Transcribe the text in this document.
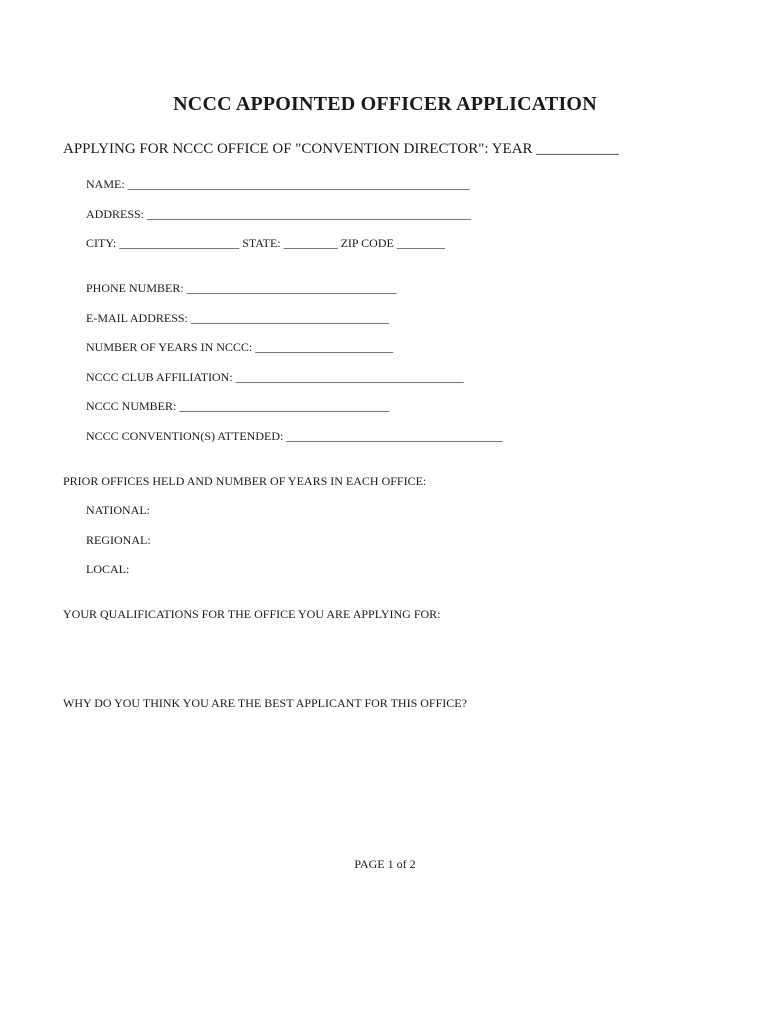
NCCC APPOINTED OFFICER APPLICATION
APPLYING FOR NCCC OFFICE OF "CONVENTION DIRECTOR": YEAR ___________
NAME: _________________________________________________________
ADDRESS: ______________________________________________________
CITY: ____________________ STATE: _________ ZIP CODE ________
PHONE NUMBER: ___________________________________
E-MAIL ADDRESS: _________________________________
NUMBER OF YEARS IN NCCC: _______________________
NCCC CLUB AFFILIATION: ______________________________________
NCCC NUMBER: ___________________________________
NCCC CONVENTION(S) ATTENDED: ____________________________________
PRIOR OFFICES HELD AND NUMBER OF YEARS IN EACH OFFICE:
NATIONAL:
REGIONAL:
LOCAL:
YOUR QUALIFICATIONS FOR THE OFFICE YOU ARE APPLYING FOR:
WHY DO YOU THINK YOU ARE THE BEST APPLICANT FOR THIS OFFICE?
PAGE 1 of 2
